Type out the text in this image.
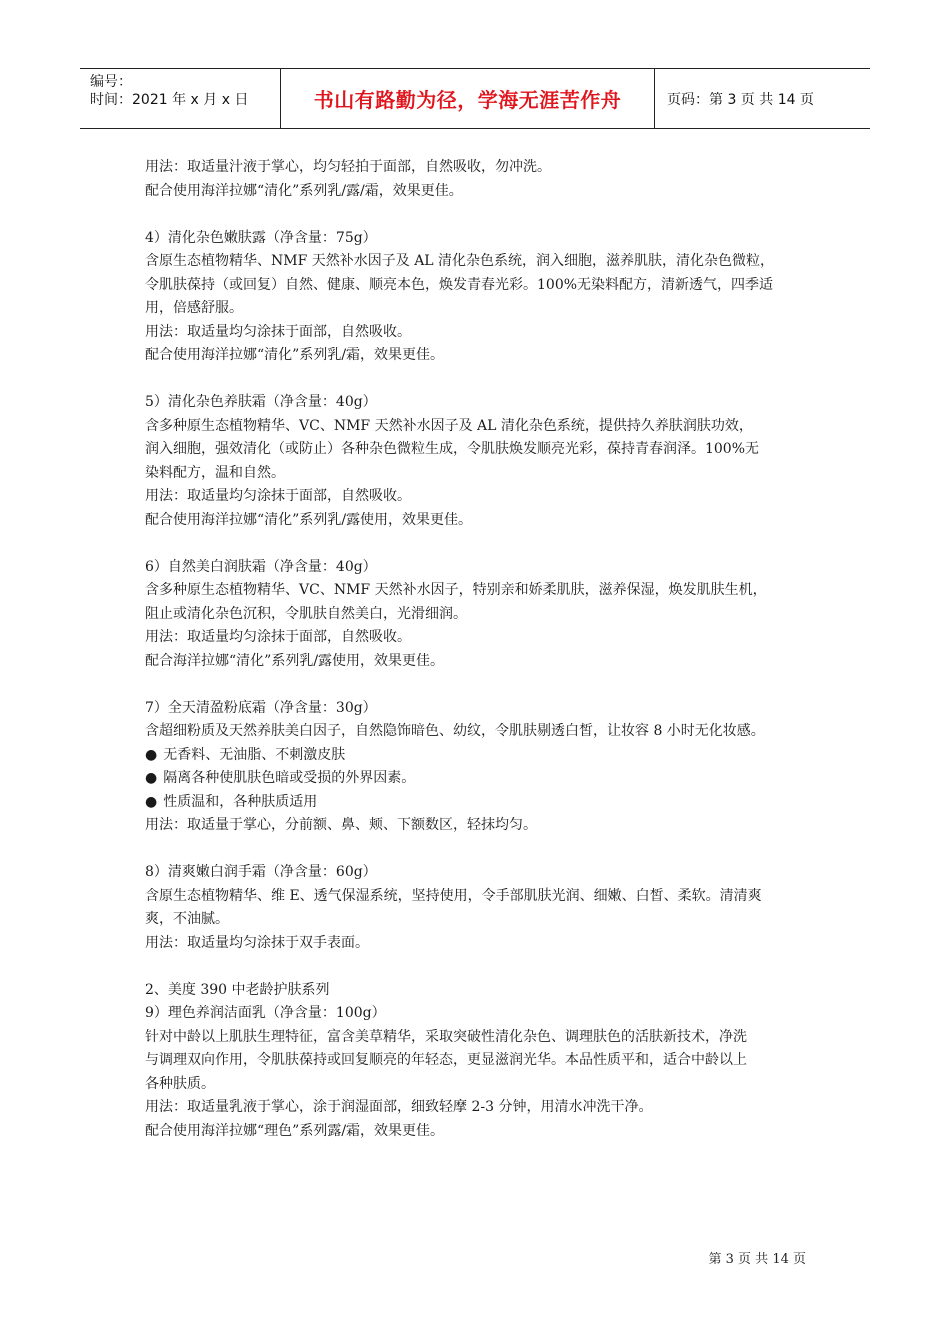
编号：
时间：2021 年 x 月 x 日	书山有路勤为径，学海无涯苦作舟	页码：第 3 页 共 14 页

用法：取适量汁液于掌心，均匀轻拍于面部，自然吸收，勿冲洗。

配合使用海洋拉娜“清化”系列乳/露/霜，效果更佳。

4）清化杂色嫩肤露（净含量：75g）

含原生态植物精华、NMF 天然补水因子及 AL 清化杂色系统，润入细胞，滋养肌肤，清化杂色微粒，

令肌肤葆持（或回复）自然、健康、顺亮本色，焕发青春光彩。100%无染料配方，清新透气，四季适

用，倍感舒服。

用法：取适量均匀涂抹于面部，自然吸收。

配合使用海洋拉娜“清化”系列乳/霜，效果更佳。

5）清化杂色养肤霜（净含量：40g）

含多种原生态植物精华、VC、NMF 天然补水因子及 AL 清化杂色系统，提供持久养肤润肤功效，

润入细胞，强效清化（或防止）各种杂色微粒生成，令肌肤焕发顺亮光彩，葆持青春润泽。100%无

染料配方，温和自然。

用法：取适量均匀涂抹于面部，自然吸收。

配合使用海洋拉娜“清化”系列乳/露使用，效果更佳。

6）自然美白润肤霜（净含量：40g）

含多种原生态植物精华、VC、NMF 天然补水因子，特别亲和娇柔肌肤，滋养保湿，焕发肌肤生机，

阻止或清化杂色沉积，令肌肤自然美白，光滑细润。

用法：取适量均匀涂抹于面部，自然吸收。

配合海洋拉娜“清化”系列乳/露使用，效果更佳。

7）全天清盈粉底霜（净含量：30g）

含超细粉质及天然养肤美白因子，自然隐饰暗色、幼纹，令肌肤剔透白皙，让妆容 8 小时无化妆感。

● 无香料、无油脂、不刺激皮肤

● 隔离各种使肌肤色暗或受损的外界因素。

● 性质温和，各种肤质适用

用法：取适量于掌心，分前额、鼻、颊、下额数区，轻抹均匀。

8）清爽嫩白润手霜（净含量：60g）

含原生态植物精华、维 E、透气保湿系统，坚持使用，令手部肌肤光润、细嫩、白皙、柔软。清清爽

爽，不油腻。

用法：取适量均匀涂抹于双手表面。

2、美度 390 中老龄护肤系列

9）理色养润洁面乳（净含量：100g）

针对中龄以上肌肤生理特征，富含美草精华，采取突破性清化杂色、调理肤色的活肤新技术，净洗

与调理双向作用，令肌肤葆持或回复顺亮的年轻态，更显滋润光华。本品性质平和，适合中龄以上

各种肤质。

用法：取适量乳液于掌心，涂于润湿面部，细致轻摩 2-3 分钟，用清水冲洗干净。

配合使用海洋拉娜“理色”系列露/霜，效果更佳。

第 3 页 共 14 页
